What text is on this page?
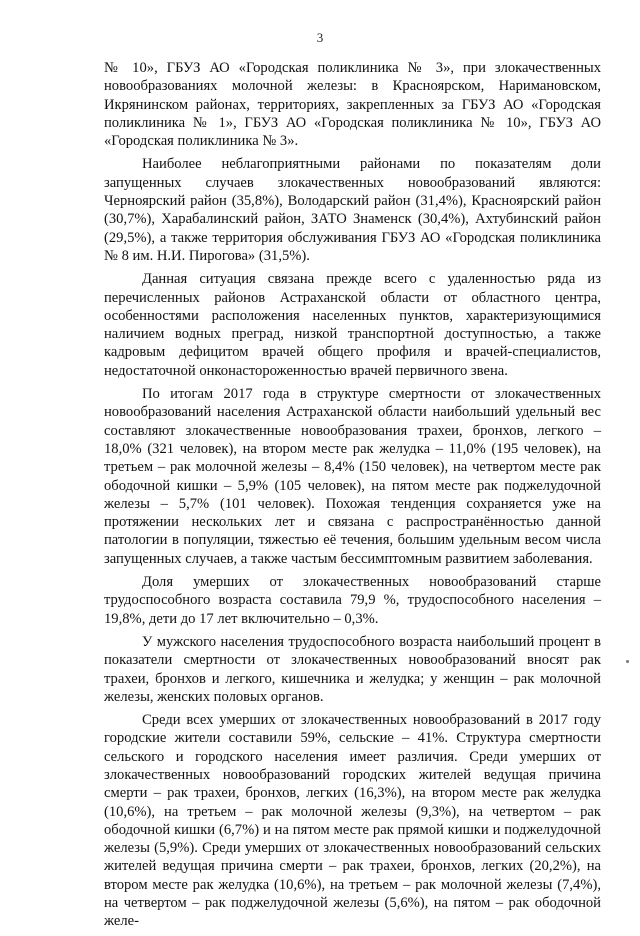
3

№ 10», ГБУЗ АО «Городская поликлиника № 3», при злокачественных новообразованиях молочной железы: в Красноярском, Наримановском, Икрянинском районах, территориях, закрепленных за ГБУЗ АО «Городская поликлиника № 1», ГБУЗ АО «Городская поликлиника № 10», ГБУЗ АО «Городская поликлиника № 3».

Наиболее неблагоприятными районами по показателям доли запущенных случаев злокачественных новообразований являются: Черноярский район (35,8%), Володарский район (31,4%), Красноярский район (30,7%), Харабалинский район, ЗАТО Знаменск (30,4%), Ахтубинский район (29,5%), а также территория обслуживания ГБУЗ АО «Городская поликлиника № 8 им. Н.И. Пирогова» (31,5%).

Данная ситуация связана прежде всего с удаленностью ряда из перечисленных районов Астраханской области от областного центра, особенностями расположения населенных пунктов, характеризующимися наличием водных преград, низкой транспортной доступностью, а также кадровым дефицитом врачей общего профиля и врачей-специалистов, недостаточной онконастороженностью врачей первичного звена.

По итогам 2017 года в структуре смертности от злокачественных новообразований населения Астраханской области наибольший удельный вес составляют злокачественные новообразования трахеи, бронхов, легкого – 18,0% (321 человек), на втором месте рак желудка – 11,0% (195 человек), на третьем – рак молочной железы – 8,4% (150 человек), на четвертом месте рак ободочной кишки – 5,9% (105 человек), на пятом месте рак поджелудочной железы – 5,7% (101 человек). Похожая тенденция сохраняется уже на протяжении нескольких лет и связана с распространённостью данной патологии в популяции, тяжестью её течения, большим удельным весом числа запущенных случаев, а также частым бессимптомным развитием заболевания.

Доля умерших от злокачественных новообразований старше трудоспособного возраста составила 79,9 %, трудоспособного населения – 19,8%, дети до 17 лет включительно – 0,3%.

У мужского населения трудоспособного возраста наибольший процент в показатели смертности от злокачественных новообразований вносят рак трахеи, бронхов и легкого, кишечника и желудка; у женщин – рак молочной железы, женских половых органов.

Среди всех умерших от злокачественных новообразований в 2017 году городские жители составили 59%, сельские – 41%. Структура смертности сельского и городского населения имеет различия. Среди умерших от злокачественных новообразований городских жителей ведущая причина смерти – рак трахеи, бронхов, легких (16,3%), на втором месте рак желудка (10,6%), на третьем – рак молочной железы (9,3%), на четвертом – рак ободочной кишки (6,7%) и на пятом месте рак прямой кишки и поджелудочной железы (5,9%). Среди умерших от злокачественных новообразований сельских жителей ведущая причина смерти – рак трахеи, бронхов, легких (20,2%), на втором месте рак желудка (10,6%), на третьем – рак молочной железы (7,4%), на четвертом – рак поджелудочной железы (5,6%), на пятом – рак ободочной желе-
